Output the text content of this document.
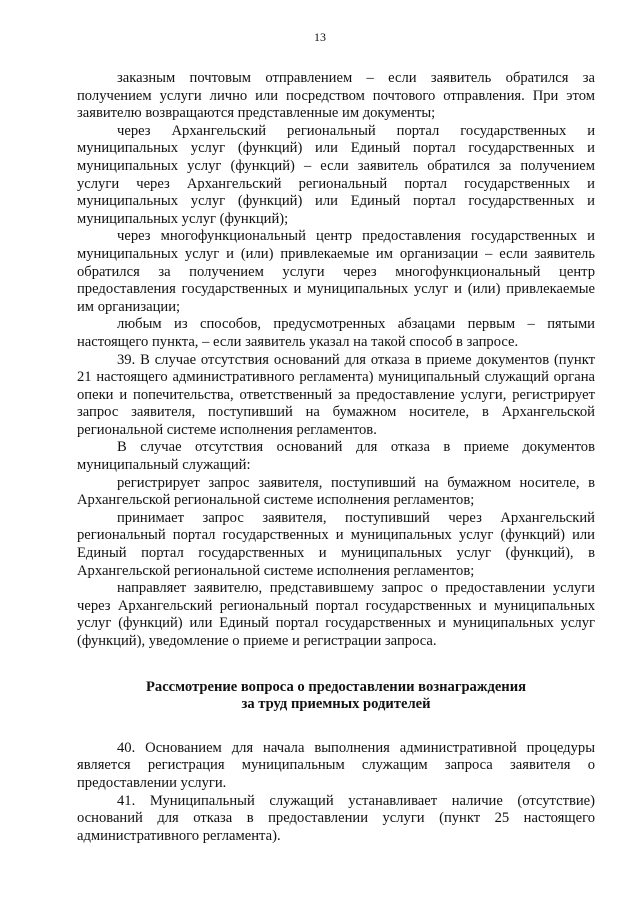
13

заказным почтовым отправлением – если заявитель обратился за получением услуги лично или посредством почтового отправления. При этом заявителю возвращаются представленные им документы;

через Архангельский региональный портал государственных и муниципальных услуг (функций) или Единый портал государственных и муниципальных услуг (функций) – если заявитель обратился за получением услуги через Архангельский региональный портал государственных и муниципальных услуг (функций) или Единый портал государственных и муниципальных услуг (функций);

через многофункциональный центр предоставления государственных и муниципальных услуг и (или) привлекаемые им организации – если заявитель обратился за получением услуги через многофункциональный центр предоставления государственных и муниципальных услуг и (или) привлекаемые им организации;

любым из способов, предусмотренных абзацами первым – пятыми настоящего пункта, – если заявитель указал на такой способ в запросе.

39. В случае отсутствия оснований для отказа в приеме документов (пункт 21 настоящего административного регламента) муниципальный служащий органа опеки и попечительства, ответственный за предоставление услуги, регистрирует запрос заявителя, поступивший на бумажном носителе, в Архангельской региональной системе исполнения регламентов.

В случае отсутствия оснований для отказа в приеме документов муниципальный служащий:

регистрирует запрос заявителя, поступивший на бумажном носителе, в Архангельской региональной системе исполнения регламентов;

принимает запрос заявителя, поступивший через Архангельский региональный портал государственных и муниципальных услуг (функций) или Единый портал государственных и муниципальных услуг (функций), в Архангельской региональной системе исполнения регламентов;

направляет заявителю, представившему запрос о предоставлении услуги через Архангельский региональный портал государственных и муниципальных услуг (функций) или Единый портал государственных и муниципальных услуг (функций), уведомление о приеме и регистрации запроса.

Рассмотрение вопроса о предоставлении вознаграждения
за труд приемных родителей

40. Основанием для начала выполнения административной процедуры является регистрация муниципальным служащим запроса заявителя о предоставлении услуги.

41. Муниципальный служащий устанавливает наличие (отсутствие) оснований для отказа в предоставлении услуги (пункт 25 настоящего административного регламента).
